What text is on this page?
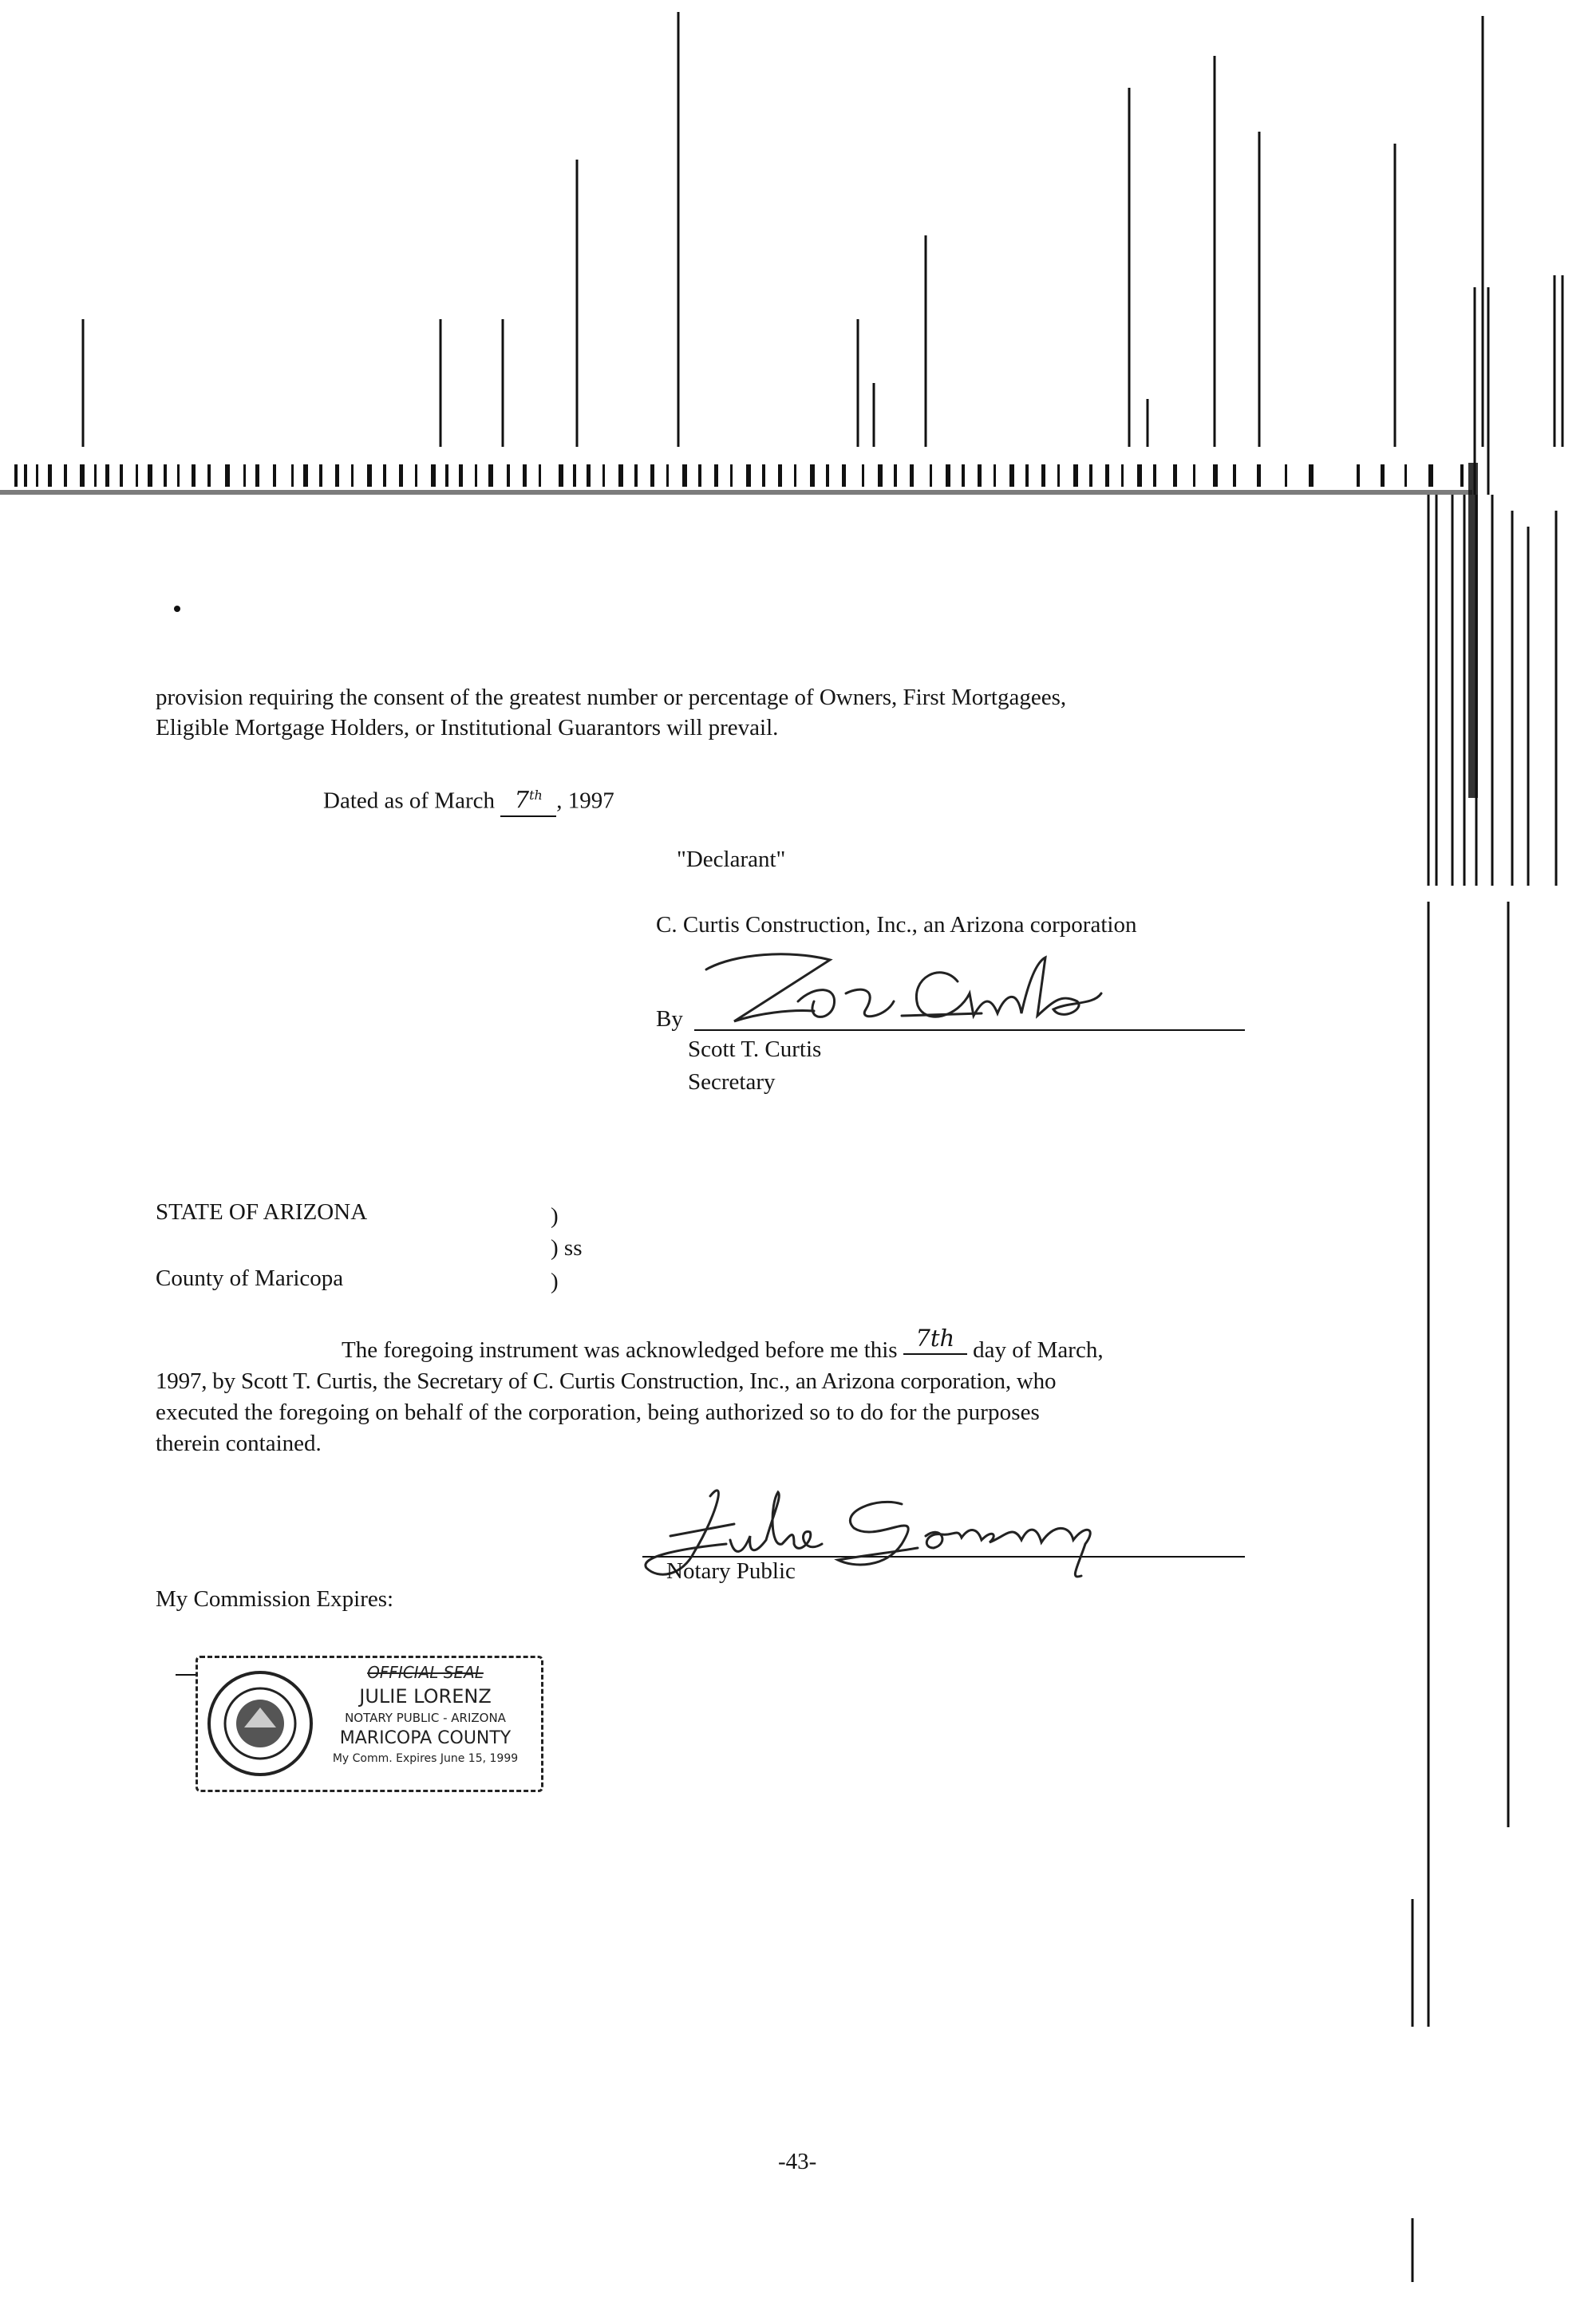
provision requiring the consent of the greatest number or percentage of Owners, First Mortgagees,
Eligible Mortgage Holders, or Institutional Guarantors will prevail.
Dated as of March 7th , 1997
"Declarant"
C. Curtis Construction, Inc., an Arizona corporation
By
Scott T. Curtis
Secretary
STATE OF ARIZONA	)
) ss
County of Maricopa	)
The foregoing instrument was acknowledged before me this 7th day of March,
1997, by Scott T. Curtis, the Secretary of C. Curtis Construction, Inc., an Arizona corporation, who
executed the foregoing on behalf of the corporation, being authorized so to do for the purposes
therein contained.
Notary Public
My Commission Expires:
OFFICIAL SEAL
JULIE LORENZ
NOTARY PUBLIC - ARIZONA
MARICOPA COUNTY
My Comm. Expires June 15, 1999
-43-
